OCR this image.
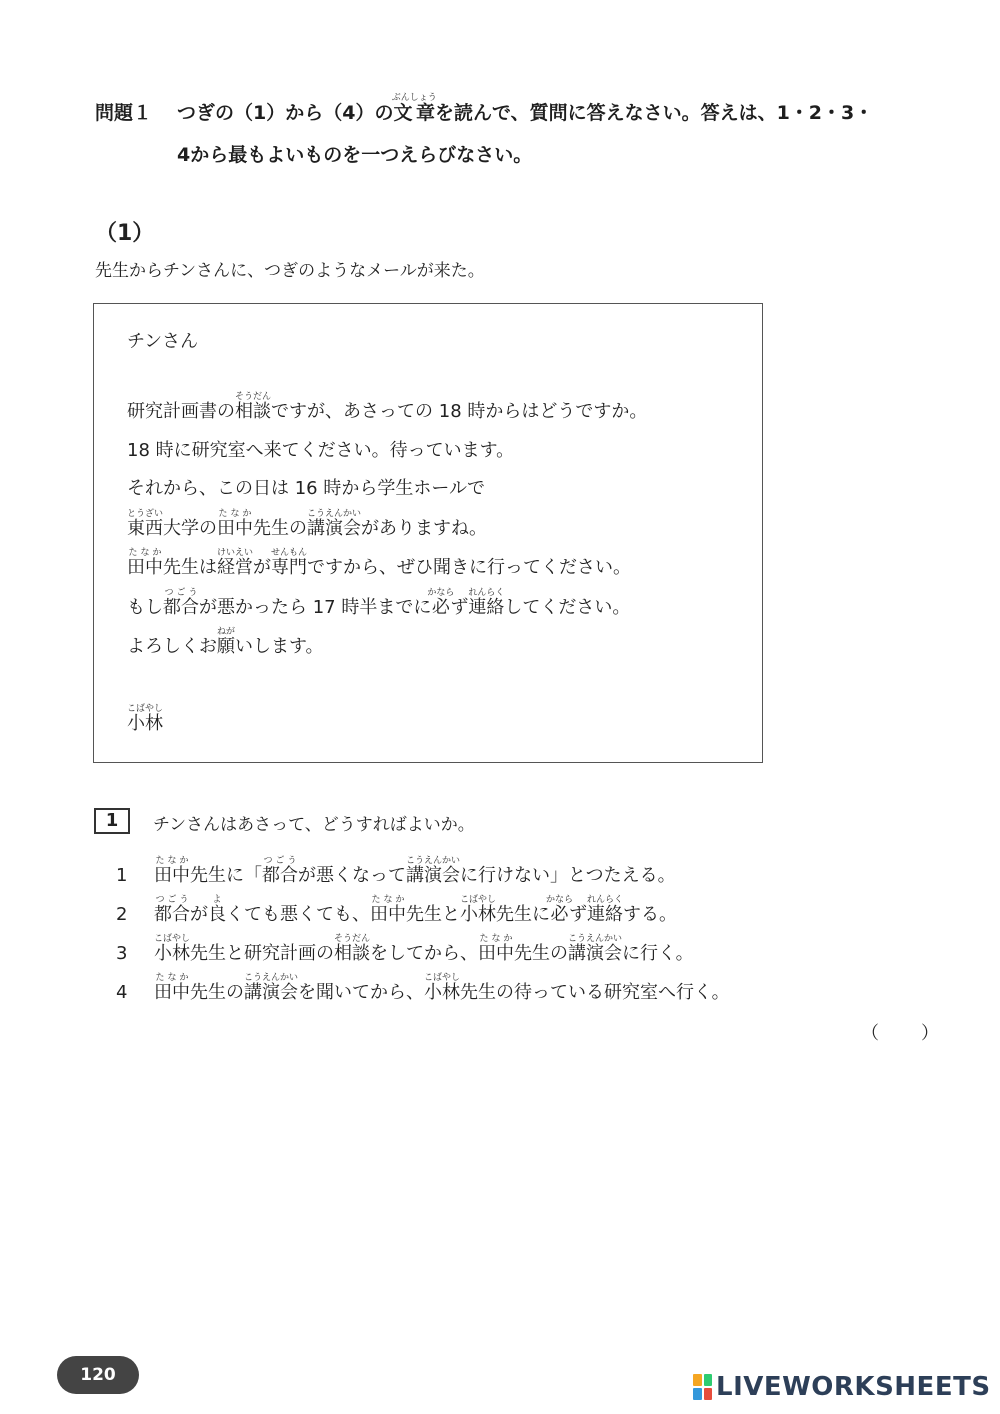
問題１ つぎの（1）から（4）の文章ぶんしょうを読んで、質問に答えなさい。答えは、1・2・3・
4から最もよいものを一つえらびなさい。
（1）
先生からチンさんに、つぎのようなメールが来た。
チンさん
研究計画書の相談そうだんですが、あさっての 18 時からはどうですか。
18 時に研究室へ来てください。待っています。
それから、この日は 16 時から学生ホールで
東西とうざい大学の田中たなか先生の講演会こうえんかいがありますね。
田中たなか先生は経営けいえいが専門せんもんですから、ぜひ聞きに行ってください。
もし都合つごうが悪かったら 17 時半までに必かならず連絡れんらくしてください。
よろしくお願ねがいします。
小林こばやし
1	チンさんはあさって、どうすればよいか。
1 田中たなか先生に「都合つごうが悪くなって講演会こうえんかいに行けない」とつたえる。
2 都合つごうが良よくても悪くても、田中たなか先生と小林こばやし先生に必かならず連絡れんらくする。
3 小林こばやし先生と研究計画の相談そうだんをしてから、田中たなか先生の講演会こうえんかいに行く。
4 田中たなか先生の講演会こうえんかいを聞いてから、小林こばやし先生の待っている研究室へ行く。
（ ）
120	LIVEWORKSHEETS
